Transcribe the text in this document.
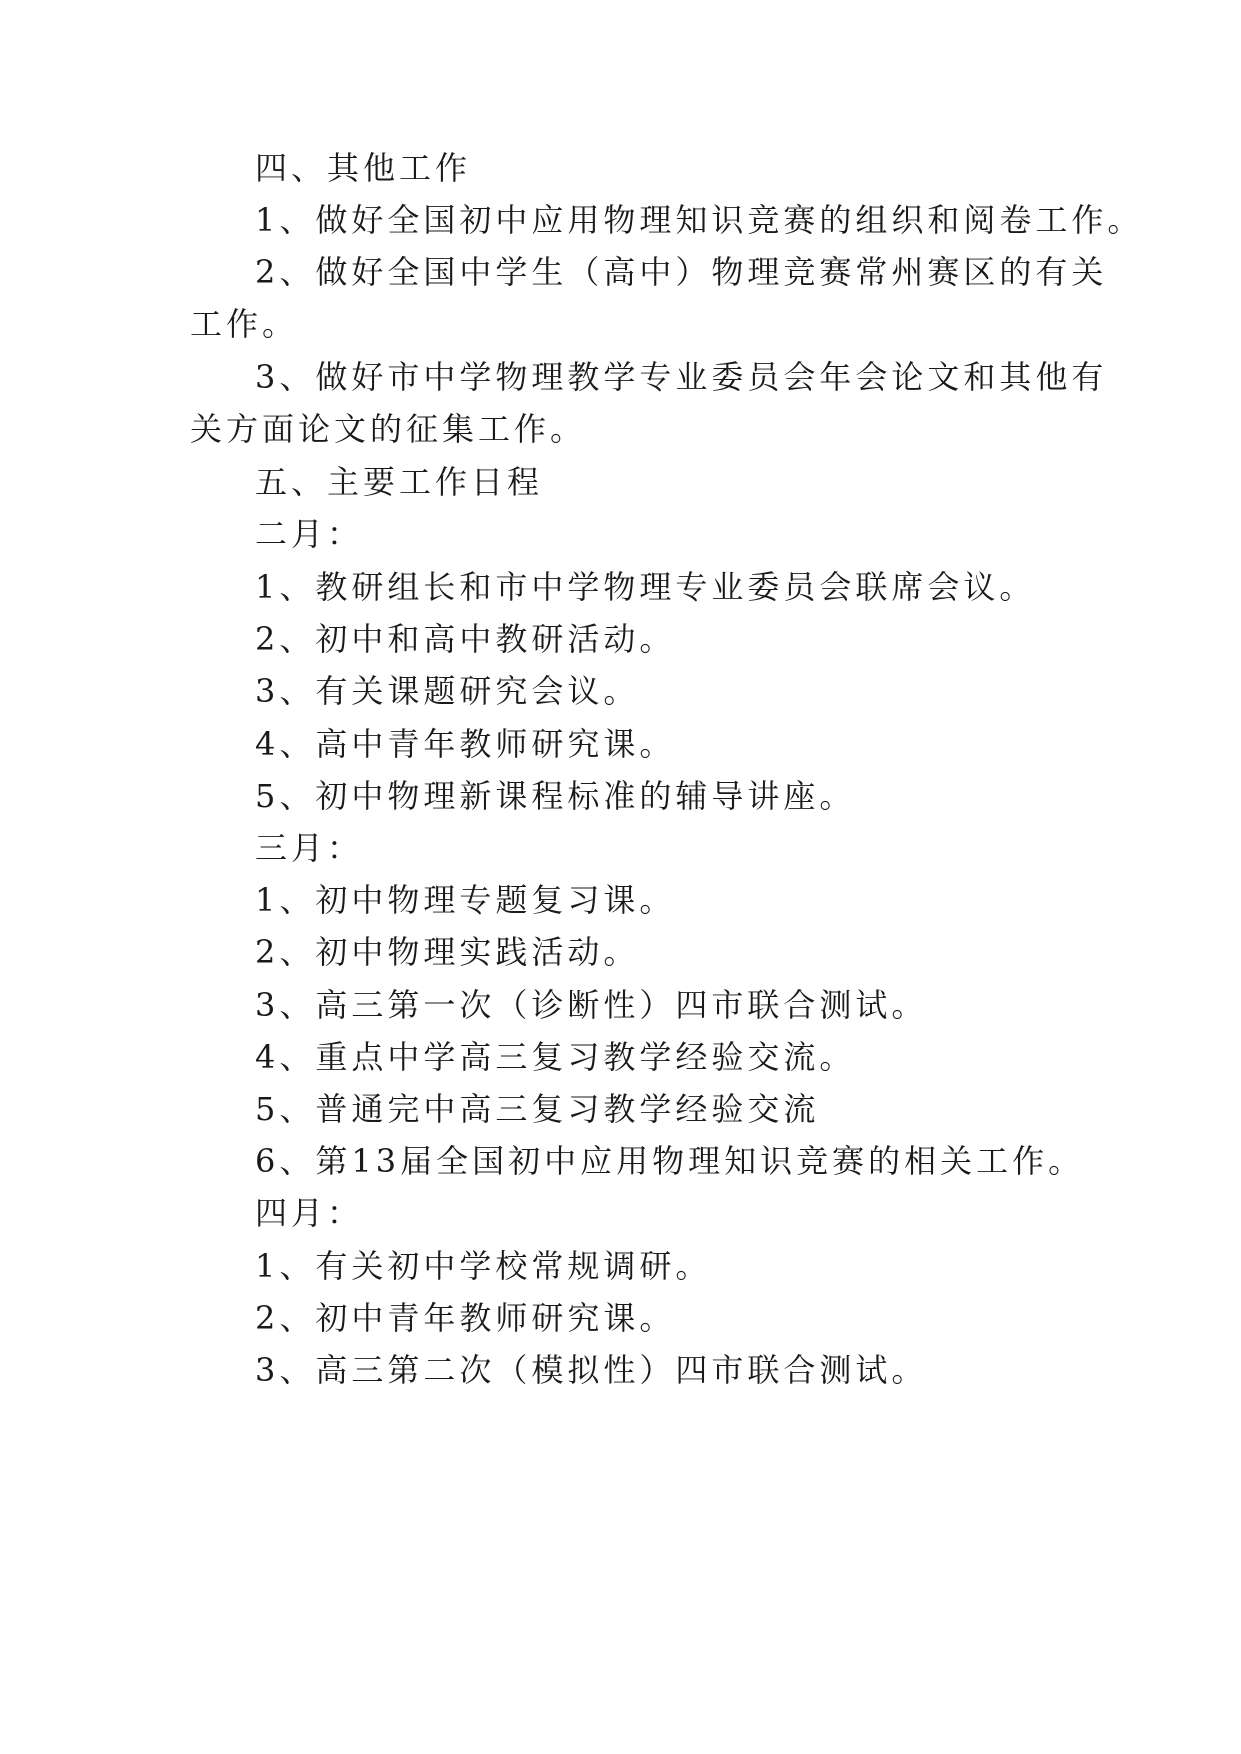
四、其他工作

1、做好全国初中应用物理知识竞赛的组织和阅卷工作。

2、做好全国中学生（高中）物理竞赛常州赛区的有关

工作。

3、做好市中学物理教学专业委员会年会论文和其他有

关方面论文的征集工作。

五、主要工作日程

二月：

1、教研组长和市中学物理专业委员会联席会议。

2、初中和高中教研活动。

3、有关课题研究会议。

4、高中青年教师研究课。

5、初中物理新课程标准的辅导讲座。

三月：

1、初中物理专题复习课。

2、初中物理实践活动。

3、高三第一次（诊断性）四市联合测试。

4、重点中学高三复习教学经验交流。

5、普通完中高三复习教学经验交流

6、第13届全国初中应用物理知识竞赛的相关工作。

四月：

1、有关初中学校常规调研。

2、初中青年教师研究课。

3、高三第二次（模拟性）四市联合测试。
